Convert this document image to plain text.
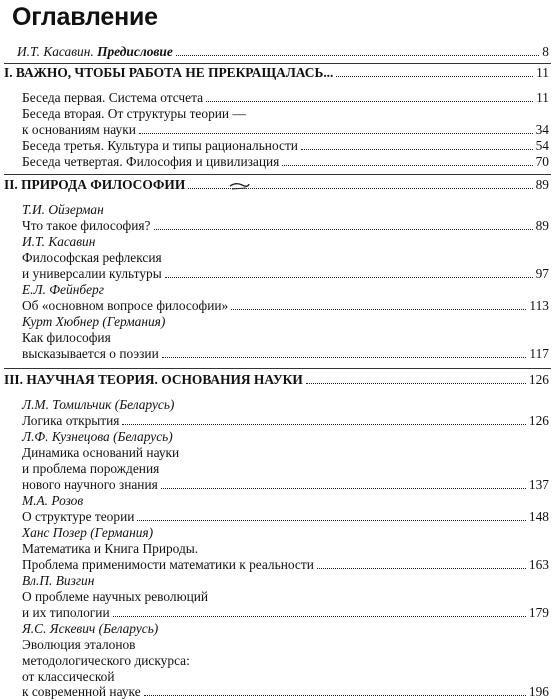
Оглавление
И.Т. Касавин. Предисловие	8
I. ВАЖНО, ЧТОБЫ РАБОТА НЕ ПРЕКРАЩАЛАСЬ...	11
Беседа первая. Система отсчета	11
Беседа вторая. От структуры теории —
к основаниям науки	34
Беседа третья. Культура и типы рациональности	54
Беседа четвертая. Философия и цивилизация	70
II. ПРИРОДА ФИЛОСОФИИ	89
Т.И. Ойзерман
Что такое философия?	89
И.Т. Касавин
Философская рефлексия
и универсалии культуры	97
Е.Л. Фейнберг
Об «основном вопросе философии»	113
Курт Хюбнер (Германия)
Как философия
высказывается о поэзии	117
III. НАУЧНАЯ ТЕОРИЯ. ОСНОВАНИЯ НАУКИ	126
Л.М. Томильчик (Беларусь)
Логика открытия	126
Л.Ф. Кузнецова (Беларусь)
Динамика оснований науки
и проблема порождения
нового научного знания	137
М.А. Розов
О структуре теории	148
Ханс Позер (Германия)
Математика и Книга Природы.
Проблема применимости математики к реальности	163
Вл.П. Визгин
О проблеме научных революций
и их типологии	179
Я.С. Яскевич (Беларусь)
Эволюция эталонов
методологического дискурса:
от классической
к современной науке	196
